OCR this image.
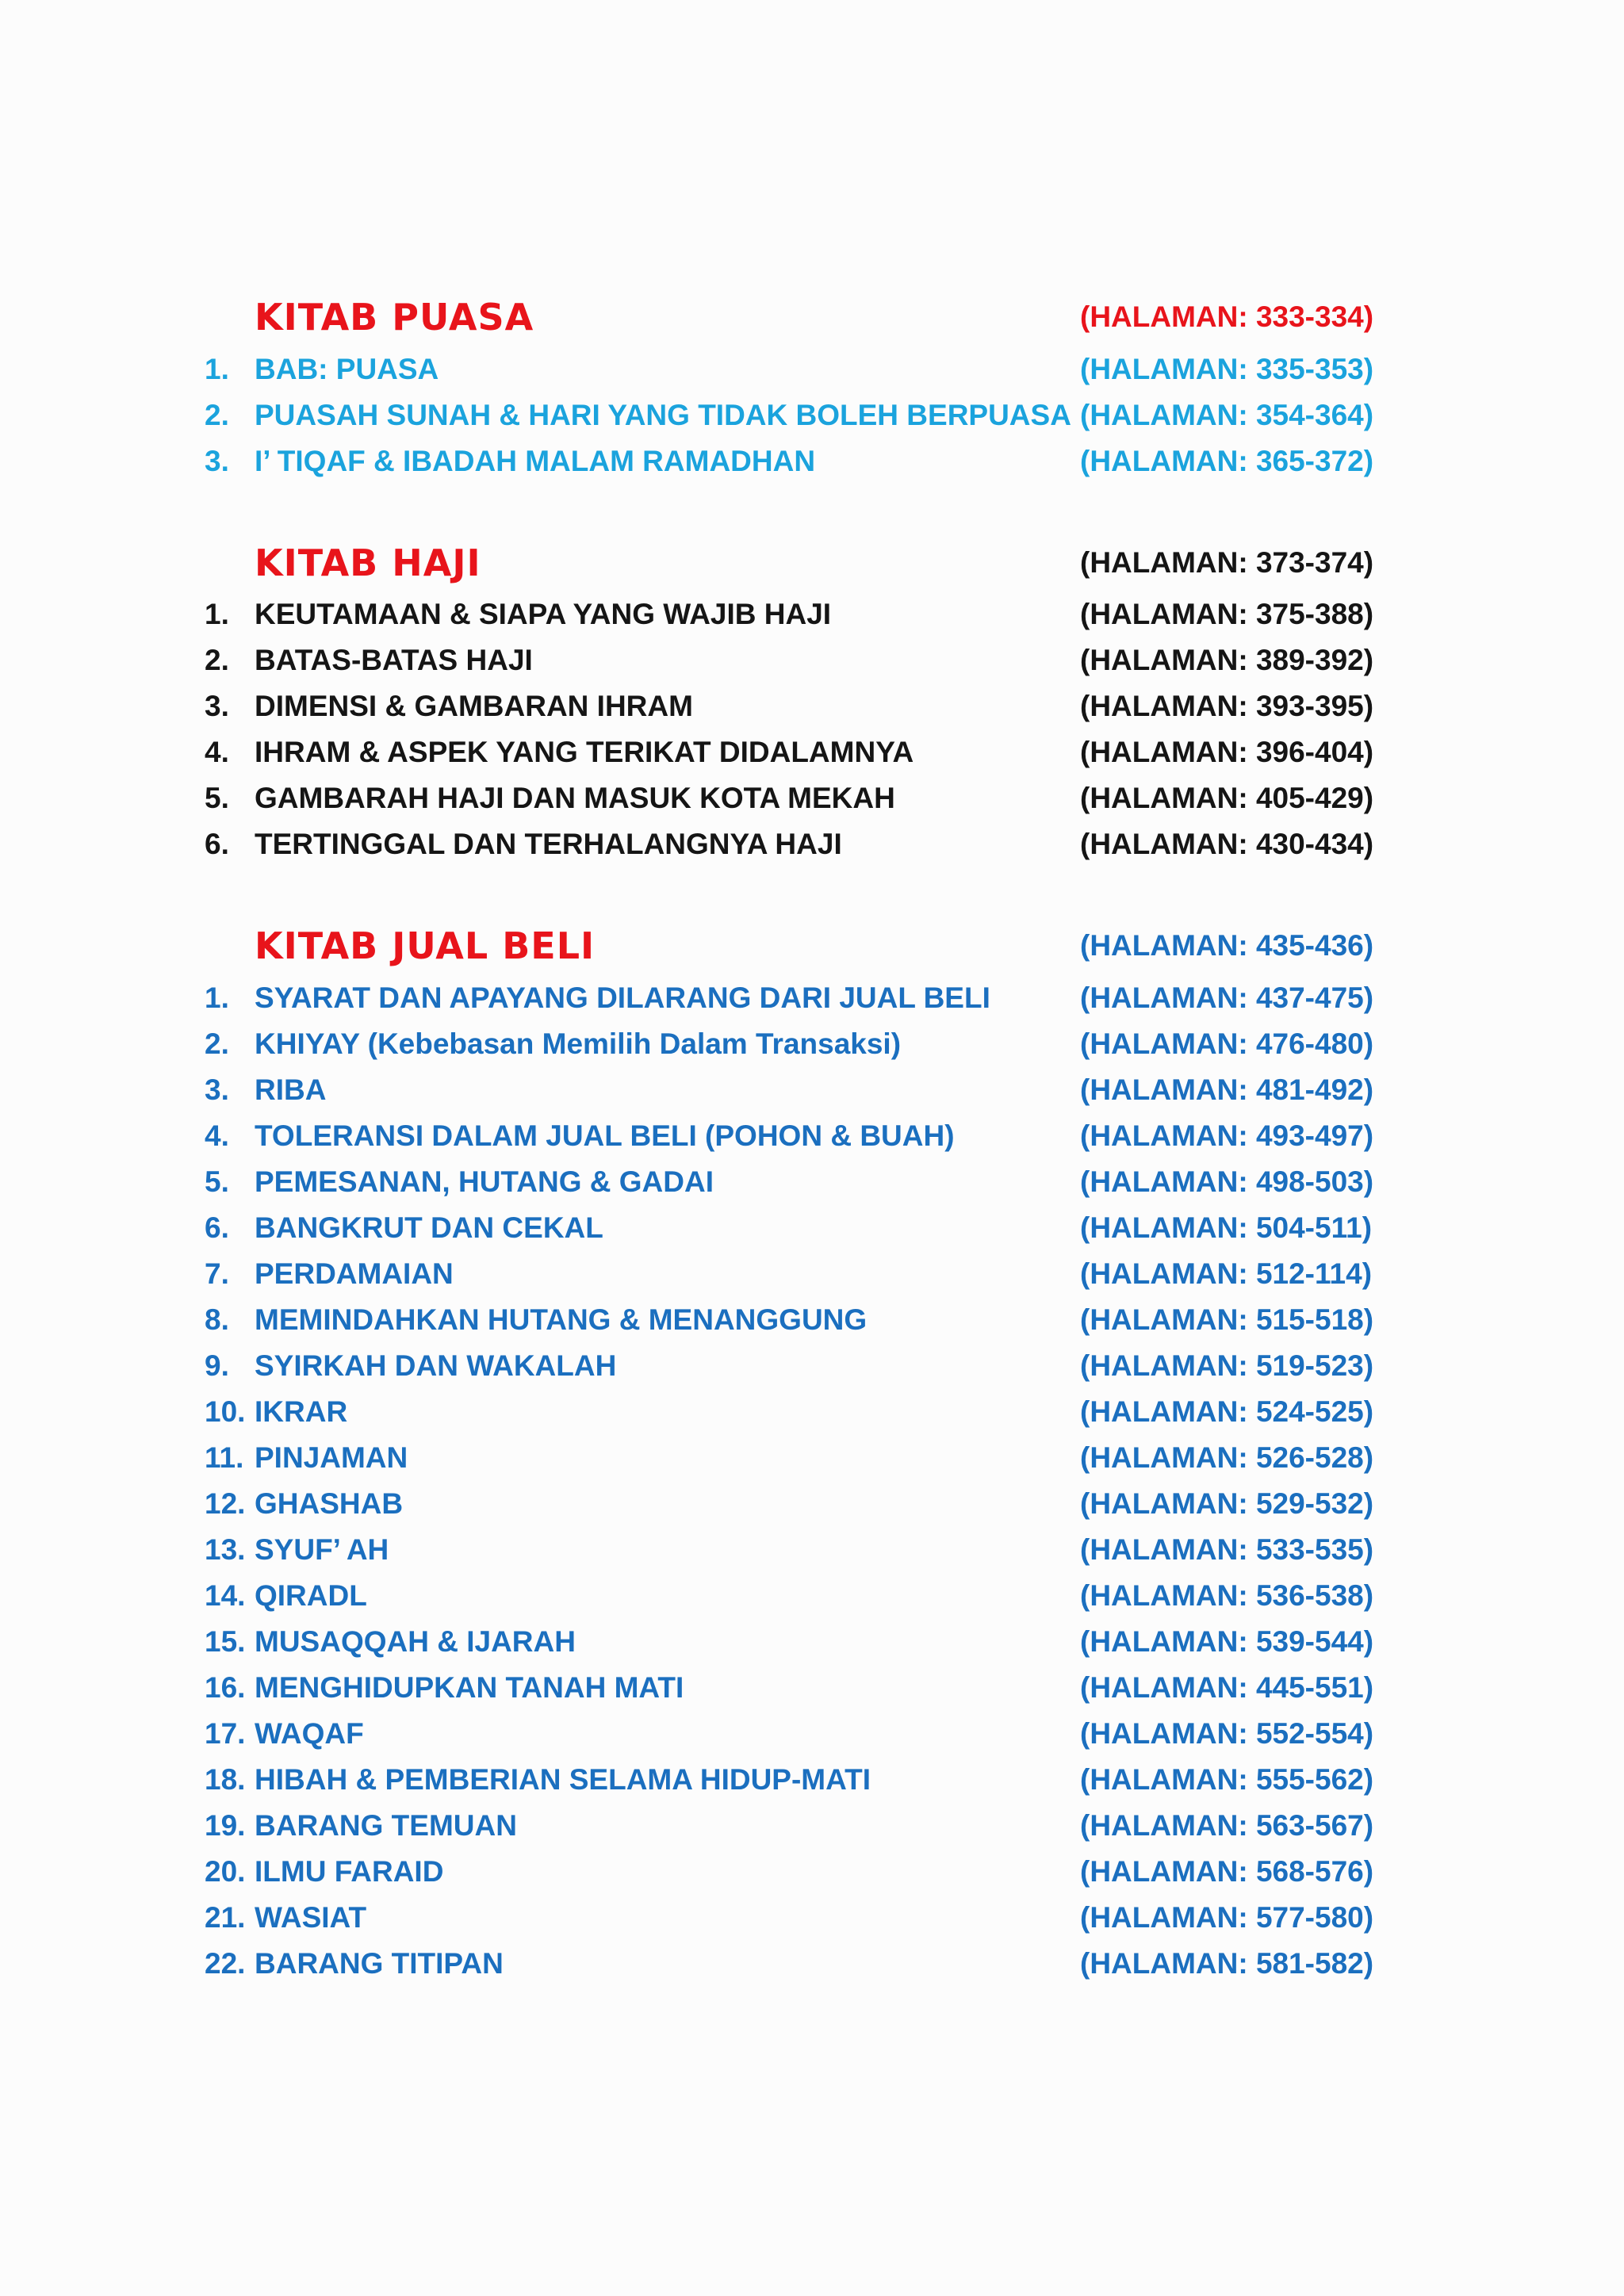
KITAB PUASA	(HALAMAN: 333-334)
1. BAB: PUASA	(HALAMAN: 335-353)
2. PUASAH SUNAH & HARI YANG TIDAK BOLEH BERPUASA (HALAMAN: 354-364)
3. I’ TIQAF & IBADAH MALAM RAMADHAN	(HALAMAN: 365-372)
KITAB HAJI	(HALAMAN: 373-374)
1. KEUTAMAAN & SIAPA YANG WAJIB HAJI	(HALAMAN: 375-388)
2. BATAS-BATAS HAJI	(HALAMAN: 389-392)
3. DIMENSI & GAMBARAN IHRAM	(HALAMAN: 393-395)
4. IHRAM & ASPEK YANG TERIKAT DIDALAMNYA	(HALAMAN: 396-404)
5. GAMBARAH HAJI DAN MASUK KOTA MEKAH	(HALAMAN: 405-429)
6. TERTINGGAL DAN TERHALANGNYA HAJI	(HALAMAN: 430-434)
KITAB JUAL BELI	(HALAMAN: 435-436)
1. SYARAT DAN APAYANG DILARANG DARI JUAL BELI	(HALAMAN: 437-475)
2. KHIYAY (Kebebasan Memilih Dalam Transaksi)	(HALAMAN: 476-480)
3. RIBA	(HALAMAN: 481-492)
4. TOLERANSI DALAM JUAL BELI (POHON & BUAH)	(HALAMAN: 493-497)
5. PEMESANAN, HUTANG & GADAI	(HALAMAN: 498-503)
6. BANGKRUT DAN CEKAL	(HALAMAN: 504-511)
7. PERDAMAIAN	(HALAMAN: 512-114)
8. MEMINDAHKAN HUTANG & MENANGGUNG	(HALAMAN: 515-518)
9. SYIRKAH DAN WAKALAH	(HALAMAN: 519-523)
10. IKRAR	(HALAMAN: 524-525)
11. PINJAMAN	(HALAMAN: 526-528)
12. GHASHAB	(HALAMAN: 529-532)
13. SYUF’ AH	(HALAMAN: 533-535)
14. QIRADL	(HALAMAN: 536-538)
15. MUSAQQAH & IJARAH	(HALAMAN: 539-544)
16. MENGHIDUPKAN TANAH MATI	(HALAMAN: 445-551)
17. WAQAF	(HALAMAN: 552-554)
18. HIBAH & PEMBERIAN SELAMA HIDUP-MATI	(HALAMAN: 555-562)
19. BARANG TEMUAN	(HALAMAN: 563-567)
20. ILMU FARAID	(HALAMAN: 568-576)
21. WASIAT	(HALAMAN: 577-580)
22. BARANG TITIPAN	(HALAMAN: 581-582)
